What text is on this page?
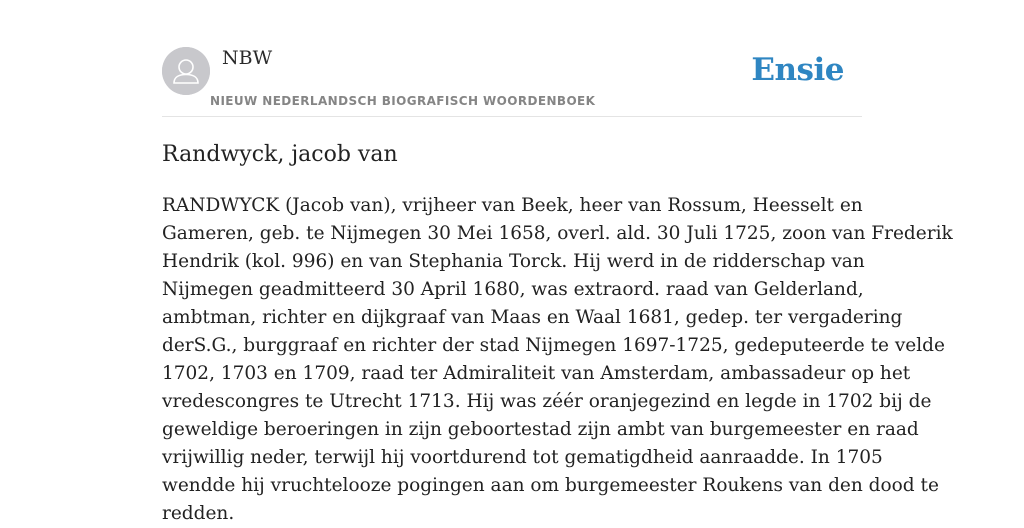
NBW
NIEUW NEDERLANDSCH BIOGRAFISCH WOORDENBOEK
Ensie
Randwyck, jacob van
RANDWYCK (Jacob van), vrijheer van Beek, heer van Rossum, Heesselt en
Gameren, geb. te Nijmegen 30 Mei 1658, overl. ald. 30 Juli 1725, zoon van Frederik
Hendrik (kol. 996) en van Stephania Torck. Hij werd in de ridderschap van
Nijmegen geadmitteerd 30 April 1680, was extraord. raad van Gelderland,
ambtman, richter en dijkgraaf van Maas en Waal 1681, gedep. ter vergadering
derS.G., burggraaf en richter der stad Nijmegen 1697-1725, gedeputeerde te velde
1702, 1703 en 1709, raad ter Admiraliteit van Amsterdam, ambassadeur op het
vredescongres te Utrecht 1713. Hij was zéér oranjegezind en legde in 1702 bij de
geweldige beroeringen in zijn geboortestad zijn ambt van burgemeester en raad
vrijwillig neder, terwijl hij voortdurend tot gematigdheid aanraadde. In 1705
wendde hij vruchtelooze pogingen aan om burgemeester Roukens van den dood te
redden.
